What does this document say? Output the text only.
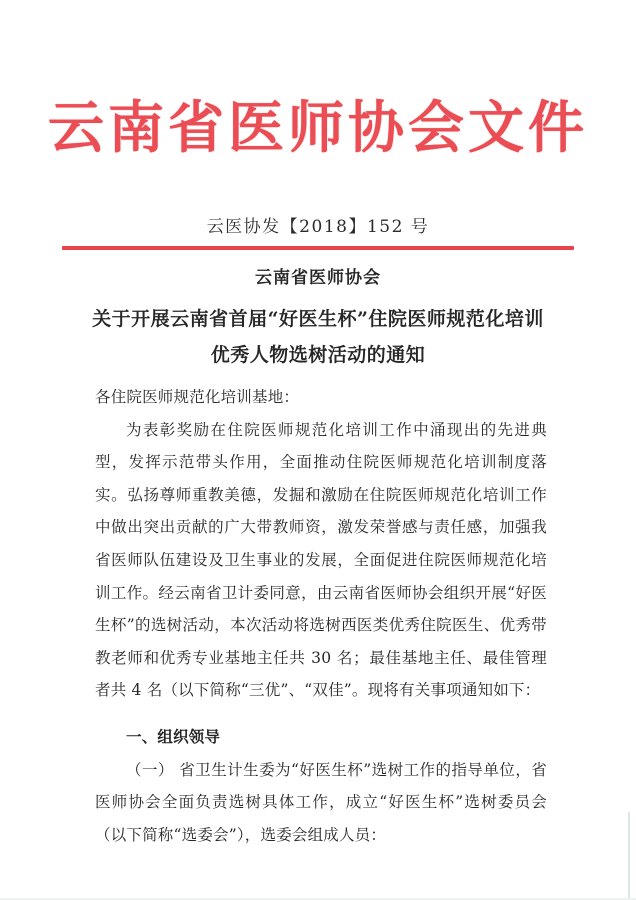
云南省医师协会文件
云医协发【2018】152 号
云南省医师协会
关于开展云南省首届“好医生杯”住院医师规范化培训
优秀人物选树活动的通知

各住院医师规范化培训基地：

为表彰奖励在住院医师规范化培训工作中涌现出的先进典型，发挥示范带头作用，全面推动住院医师规范化培训制度落实。弘扬尊师重教美德，发掘和激励在住院医师规范化培训工作中做出突出贡献的广大带教师资，激发荣誉感与责任感，加强我省医师队伍建设及卫生事业的发展，全面促进住院医师规范化培训工作。经云南省卫计委同意，由云南省医师协会组织开展“好医生杯”的选树活动，本次活动将选树西医类优秀住院医生、优秀带教老师和优秀专业基地主任共 30 名；最佳基地主任、最佳管理者共 4 名（以下简称“三优”、“双佳”。现将有关事项通知如下：

一、组织领导

（一） 省卫生计生委为“好医生杯”选树工作的指导单位，省医师协会全面负责选树具体工作，成立“好医生杯”选树委员会（以下简称“选委会”），选委会组成人员：
